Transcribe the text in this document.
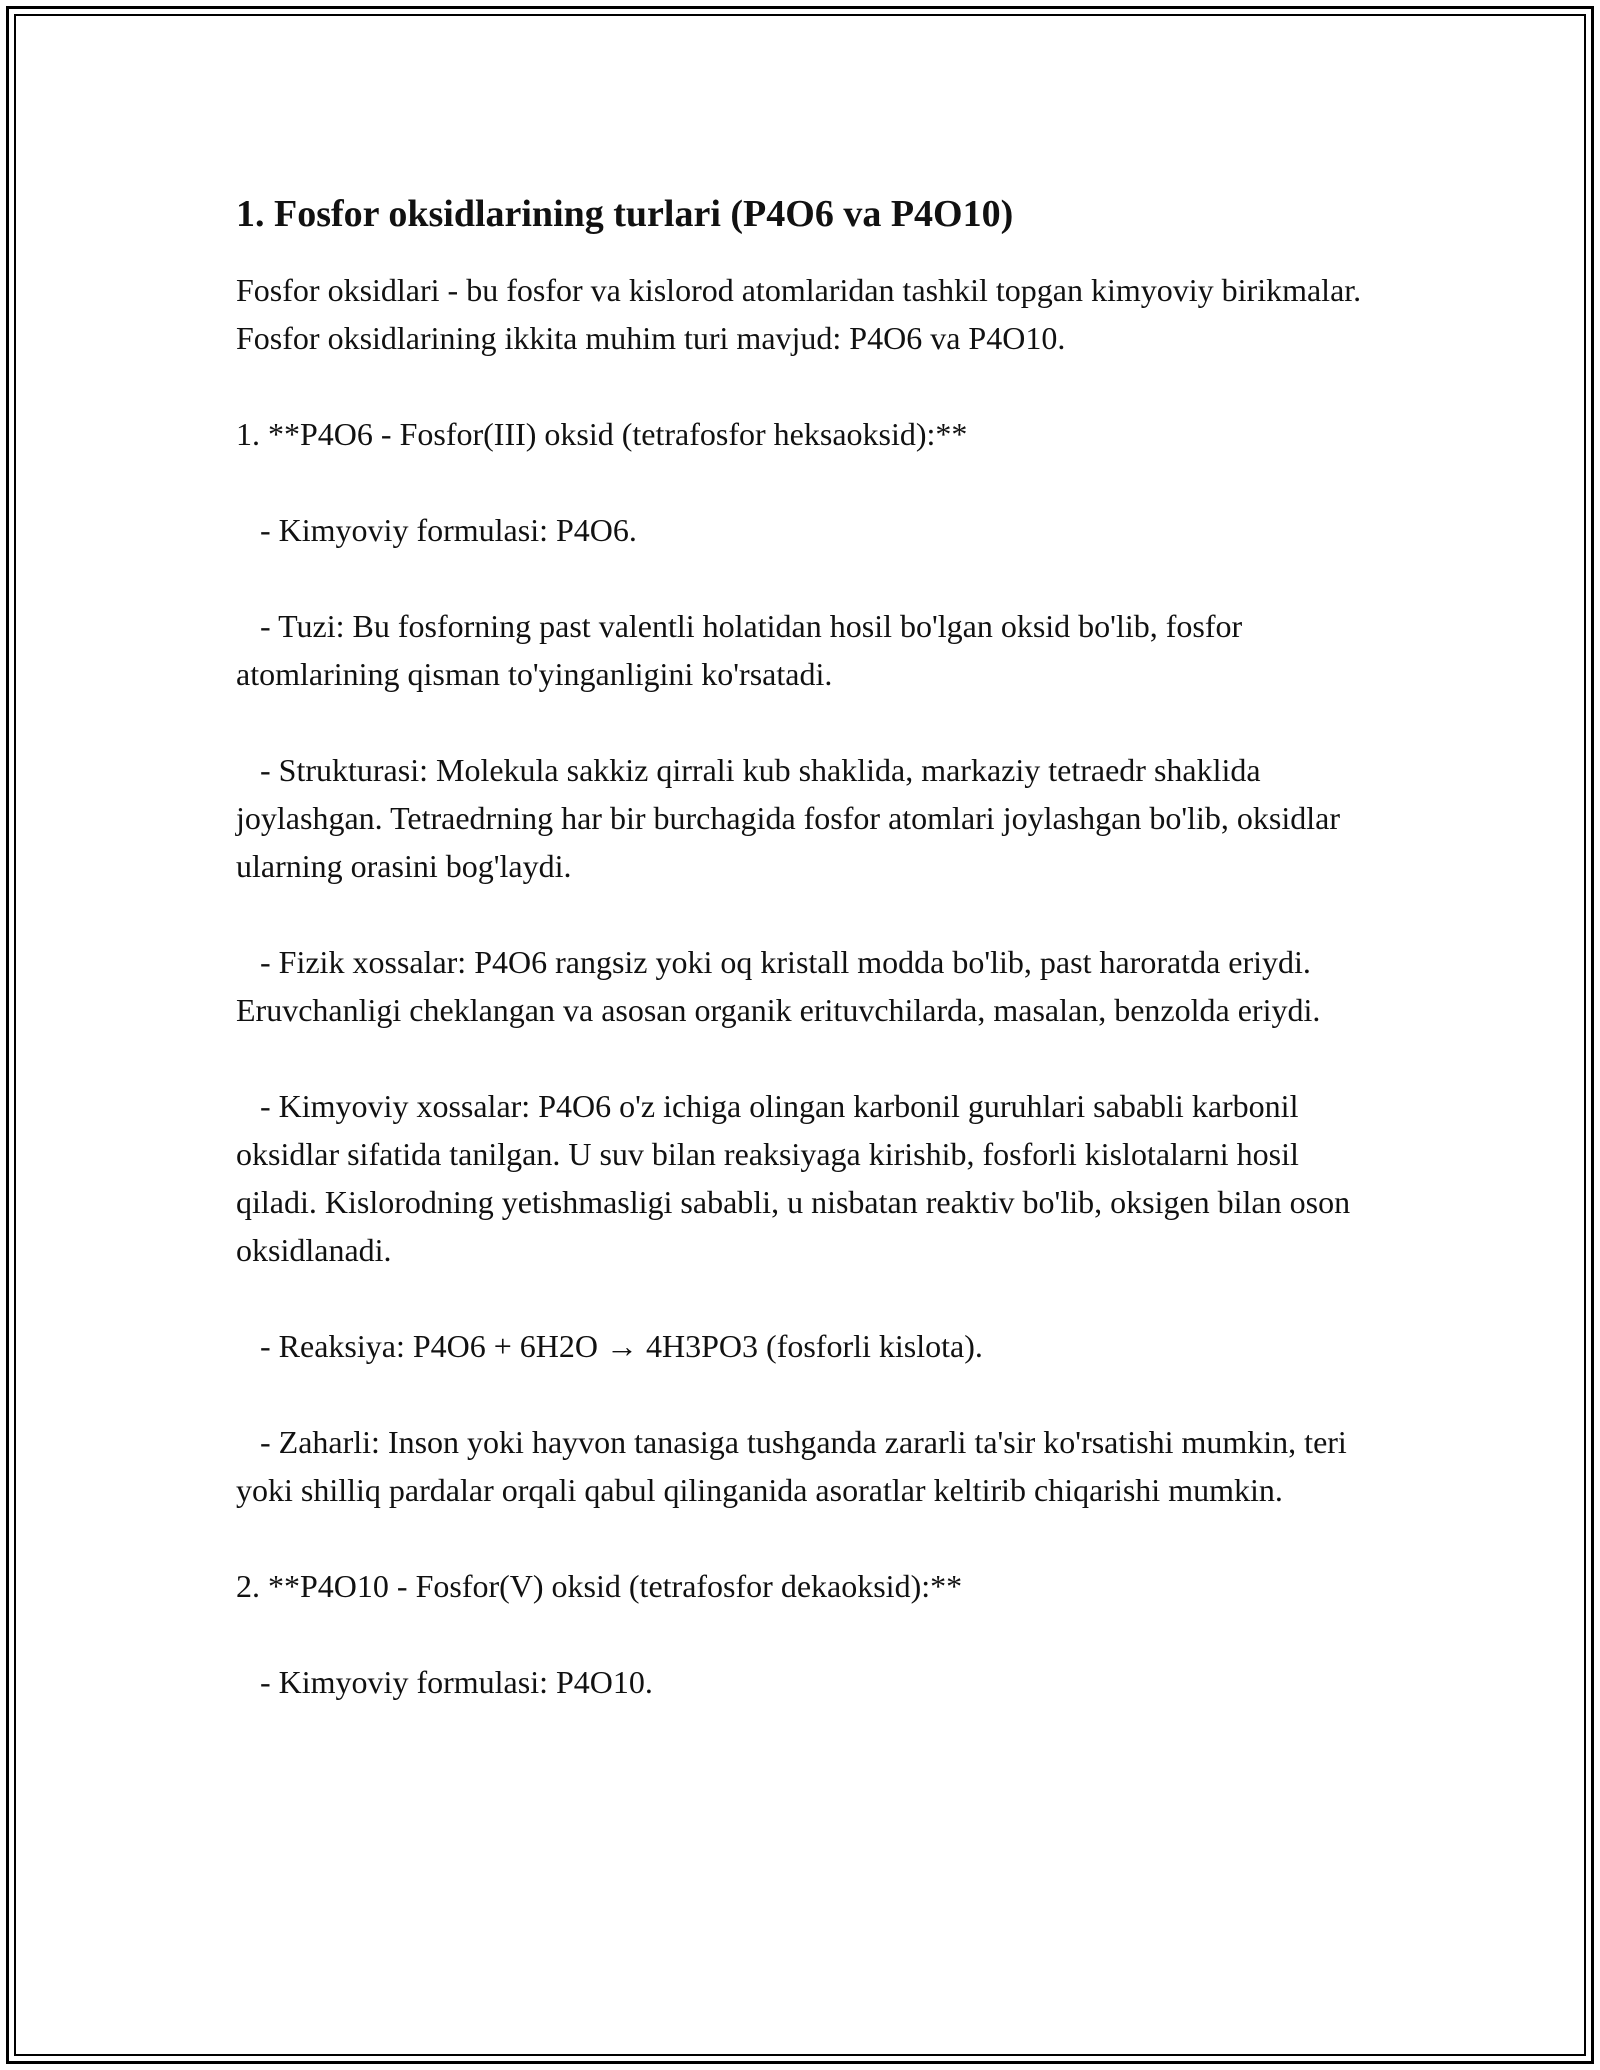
1. Fosfor oksidlarining turlari (P4O6 va P4O10)

Fosfor oksidlari - bu fosfor va kislorod atomlaridan tashkil topgan kimyoviy birikmalar. Fosfor oksidlarining ikkita muhim turi mavjud: P4O6 va P4O10.

1. **P4O6 - Fosfor(III) oksid (tetrafosfor heksaoksid):**

- Kimyoviy formulasi: P4O6.

- Tuzi: Bu fosforning past valentli holatidan hosil bo'lgan oksid bo'lib, fosfor atomlarining qisman to'yinganligini ko'rsatadi.

- Strukturasi: Molekula sakkiz qirrali kub shaklida, markaziy tetraedr shaklida joylashgan. Tetraedrning har bir burchagida fosfor atomlari joylashgan bo'lib, oksidlar ularning orasini bog'laydi.

- Fizik xossalar: P4O6 rangsiz yoki oq kristall modda bo'lib, past haroratda eriydi. Eruvchanligi cheklangan va asosan organik erituvchilarda, masalan, benzolda eriydi.

- Kimyoviy xossalar: P4O6 o'z ichiga olingan karbonil guruhlari sababli karbonil oksidlar sifatida tanilgan. U suv bilan reaksiyaga kirishib, fosforli kislotalarni hosil qiladi. Kislorodning yetishmasligi sababli, u nisbatan reaktiv bo'lib, oksigen bilan oson oksidlanadi.

- Reaksiya: P4O6 + 6H2O → 4H3PO3 (fosforli kislota).

- Zaharli: Inson yoki hayvon tanasiga tushganda zararli ta'sir ko'rsatishi mumkin, teri yoki shilliq pardalar orqali qabul qilinganida asoratlar keltirib chiqarishi mumkin.

2. **P4O10 - Fosfor(V) oksid (tetrafosfor dekaoksid):**

- Kimyoviy formulasi: P4O10.
